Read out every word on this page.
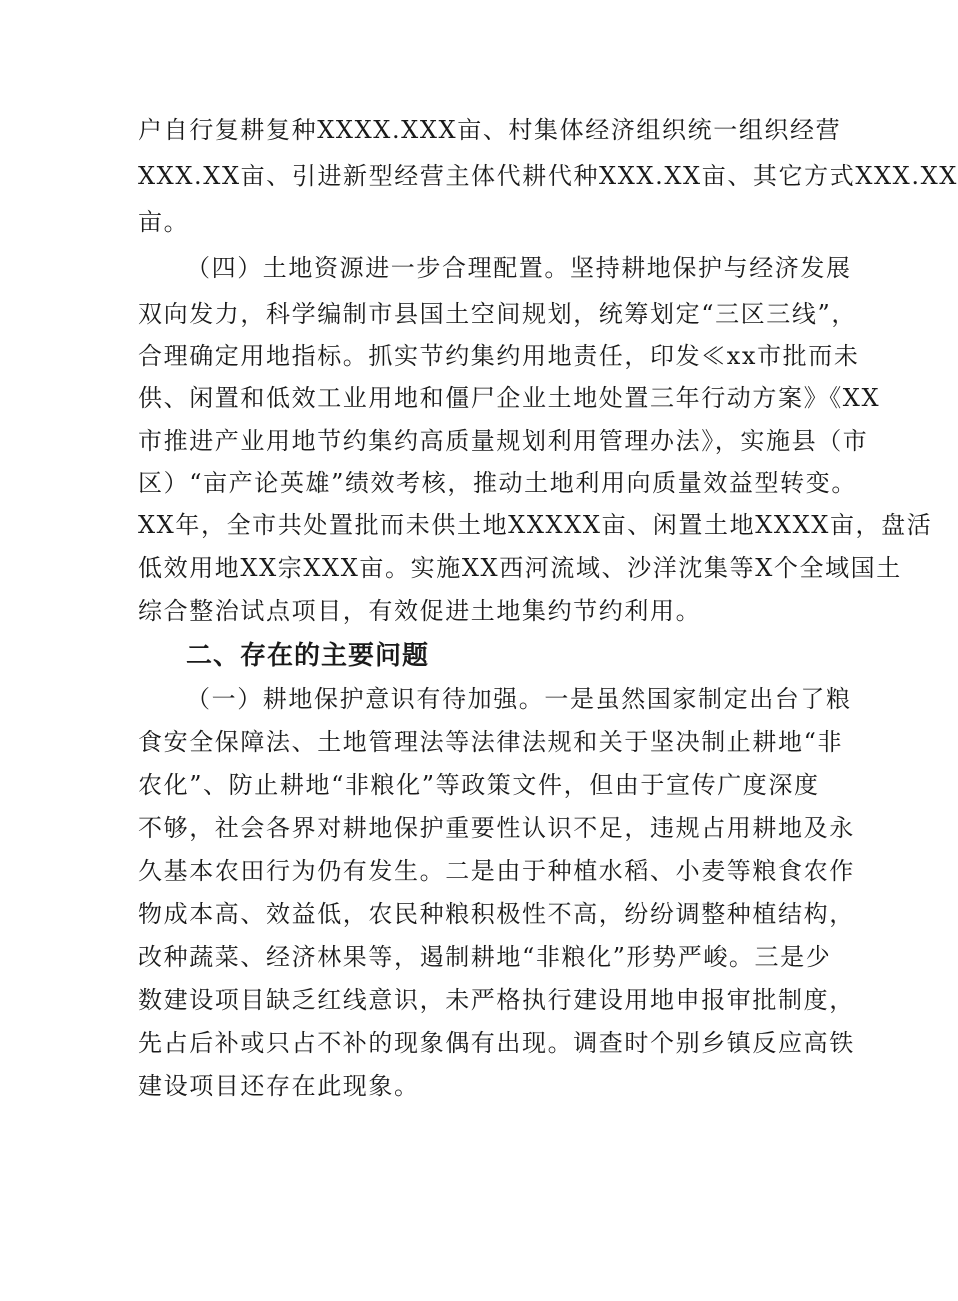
户自行复耕复种XXXX.XXX亩、村集体经济组织统一组织经营
XXX.XX亩、引进新型经营主体代耕代种XXX.XX亩、其它方式XXX.XX
亩。
（四）土地资源进一步合理配置。坚持耕地保护与经济发展
双向发力，科学编制市县国土空间规划，统筹划定“三区三线”，
合理确定用地指标。抓实节约集约用地责任，印发≪xx市批而未
供、闲置和低效工业用地和僵尸企业土地处置三年行动方案》《XX
市推进产业用地节约集约高质量规划利用管理办法》，实施县（市
区）“亩产论英雄”绩效考核，推动土地利用向质量效益型转变。
XX年，全市共处置批而未供土地XXXXX亩、闲置土地XXXX亩，盘活
低效用地XX宗XXX亩。实施XX西河流域、沙洋沈集等X个全域国土
综合整治试点项目，有效促进土地集约节约利用。
二、存在的主要问题
（一）耕地保护意识有待加强。一是虽然国家制定出台了粮
食安全保障法、土地管理法等法律法规和关于坚决制止耕地“非
农化”、防止耕地“非粮化”等政策文件，但由于宣传广度深度
不够，社会各界对耕地保护重要性认识不足，违规占用耕地及永
久基本农田行为仍有发生。二是由于种植水稻、小麦等粮食农作
物成本高、效益低，农民种粮积极性不高，纷纷调整种植结构，
改种蔬菜、经济林果等，遏制耕地“非粮化”形势严峻。三是少
数建设项目缺乏红线意识，未严格执行建设用地申报审批制度，
先占后补或只占不补的现象偶有出现。调查时个别乡镇反应高铁
建设项目还存在此现象。
